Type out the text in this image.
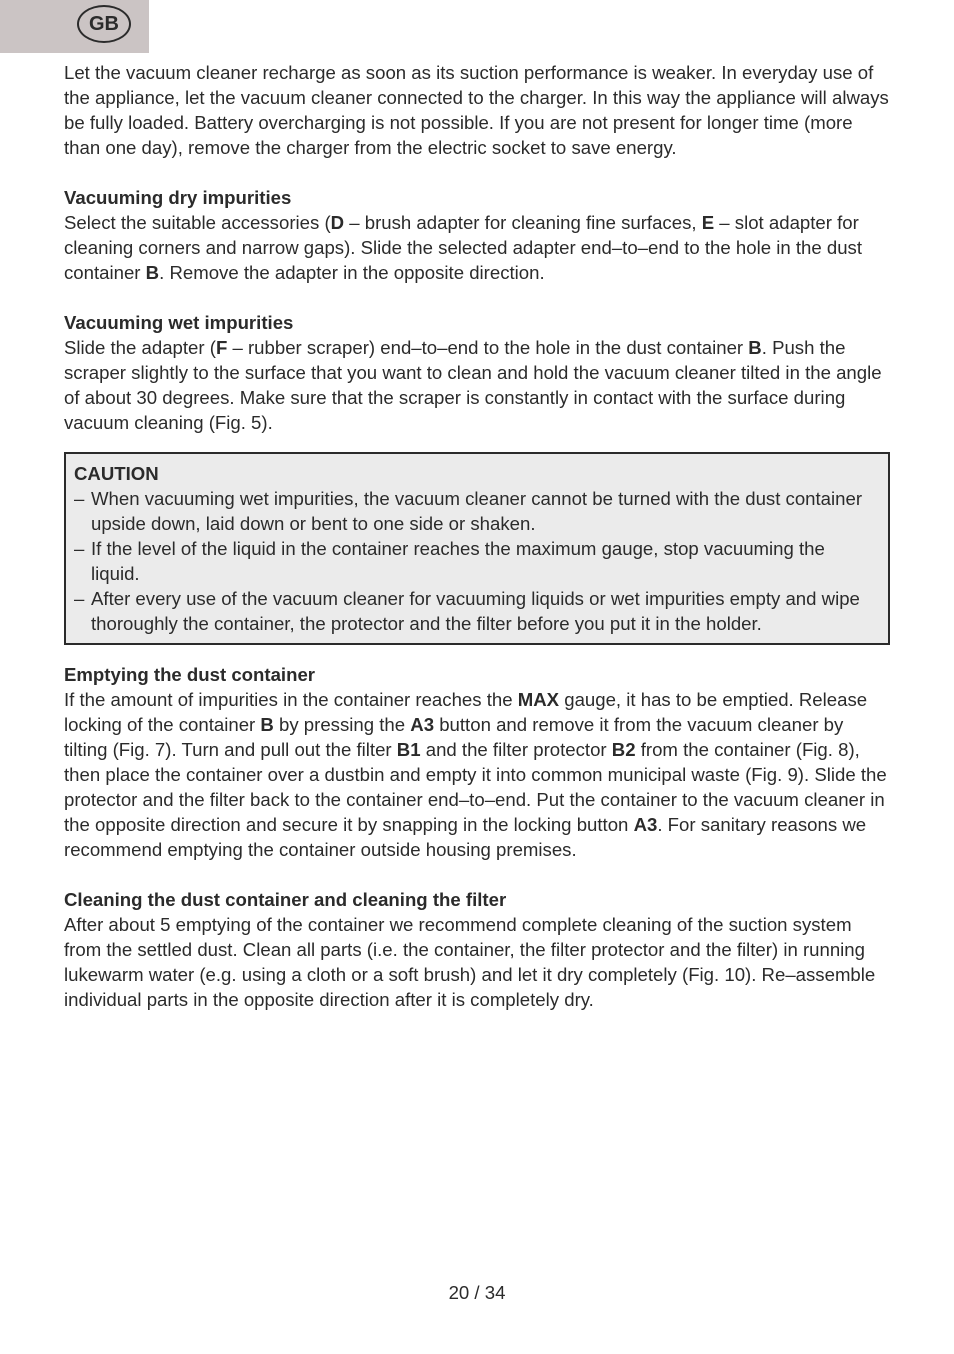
GB

Let the vacuum cleaner recharge as soon as its suction performance is weaker. In everyday use of the appliance, let the vacuum cleaner connected to the charger. In this way the appliance will always be fully loaded. Battery overcharging is not possible. If you are not present for longer time (more than one day), remove the charger from the electric socket to save energy.

Vacuuming dry impurities

Select the suitable accessories (D – brush adapter for cleaning fine surfaces, E – slot adapter for cleaning corners and narrow gaps). Slide the selected adapter end–to–end to the hole in the dust container B. Remove the adapter in the opposite direction.

Vacuuming wet impurities

Slide the adapter (F – rubber scraper) end–to–end to the hole in the dust container B. Push the scraper slightly to the surface that you want to clean and hold the vacuum cleaner tilted in the angle of about 30 degrees. Make sure that the scraper is constantly in contact with the surface during vacuum cleaning (Fig. 5).

CAUTION
– When vacuuming wet impurities, the vacuum cleaner cannot be turned with the dust container upside down, laid down or bent to one side or shaken.
– If the level of the liquid in the container reaches the maximum gauge, stop vacuuming the liquid.
– After every use of the vacuum cleaner for vacuuming liquids or wet impurities empty and wipe thoroughly the container, the protector and the filter before you put it in the holder.

Emptying the dust container

If the amount of impurities in the container reaches the MAX gauge, it has to be emptied. Release locking of the container B by pressing the A3 button and remove it from the vacuum cleaner by tilting (Fig. 7). Turn and pull out the filter B1 and the filter protector B2 from the container (Fig. 8), then place the container over a dustbin and empty it into common municipal waste (Fig. 9). Slide the protector and the filter back to the container end–to–end. Put the container to the vacuum cleaner in the opposite direction and secure it by snapping in the locking button A3. For sanitary reasons we recommend emptying the container outside housing premises.

Cleaning the dust container and cleaning the filter

After about 5 emptying of the container we recommend complete cleaning of the suction system from the settled dust. Clean all parts (i.e. the container, the filter protector and the filter) in running lukewarm water (e.g. using a cloth or a soft brush) and let it dry completely (Fig. 10). Re–assemble individual parts in the opposite direction after it is completely dry.

20 / 34
